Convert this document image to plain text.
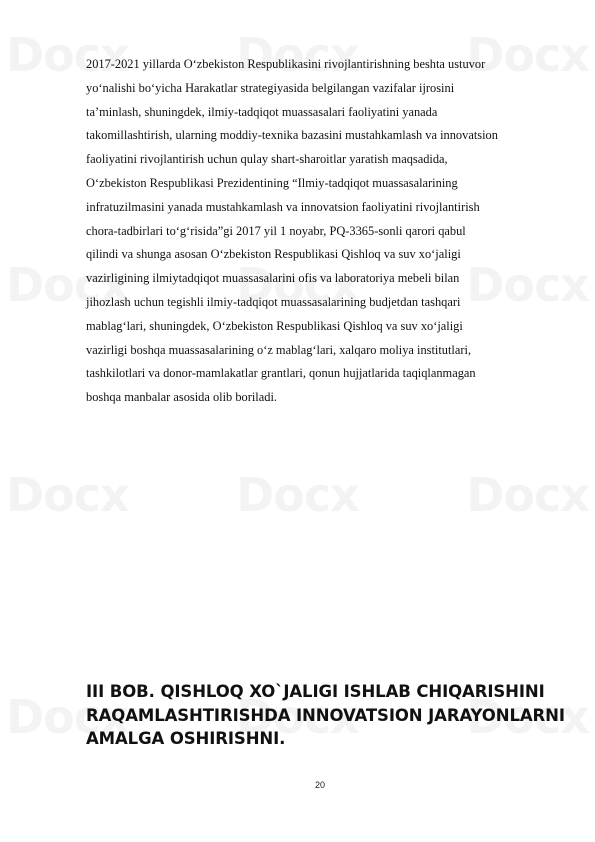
2017-2021 yillarda O‘zbekiston Respublikasini rivojlantirishning beshta ustuvor
yo‘nalishi bo‘yicha Harakatlar strategiyasida belgilangan vazifalar ijrosini
ta’minlash, shuningdek, ilmiy-tadqiqot muassasalari faoliyatini yanada
takomillashtirish, ularning moddiy-texnika bazasini mustahkamlash va innovatsion
faoliyatini rivojlantirish uchun qulay shart-sharoitlar yaratish maqsadida,
O‘zbekiston Respublikasi Prezidentining “Ilmiy-tadqiqot muassasalarining
infratuzilmasini yanada mustahkamlash va innovatsion faoliyatini rivojlantirish
chora-tadbirlari to‘g‘risida”gi 2017 yil 1 noyabr, PQ-3365-sonli qarori qabul
qilindi va shunga asosan O‘zbekiston Respublikasi Qishloq va suv xo‘jaligi
vazirligining ilmiytadqiqot muassasalarini ofis va laboratoriya mebeli bilan
jihozlash uchun tegishli ilmiy-tadqiqot muassasalarining budjetdan tashqari
mablag‘lari, shuningdek, O‘zbekiston Respublikasi Qishloq va suv xo‘jaligi
vazirligi boshqa muassasalarining o‘z mablag‘lari, xalqaro moliya institutlari,
tashkilotlari va donor-mamlakatlar grantlari, qonun hujjatlarida taqiqlanmagan
boshqa manbalar asosida olib boriladi.
III BOB. QISHLOQ XO`JALIGI ISHLAB CHIQARISHINI
RAQAMLASHTIRISHDA INNOVATSION JARAYONLARNI
AMALGA OSHIRISHNI.
20
